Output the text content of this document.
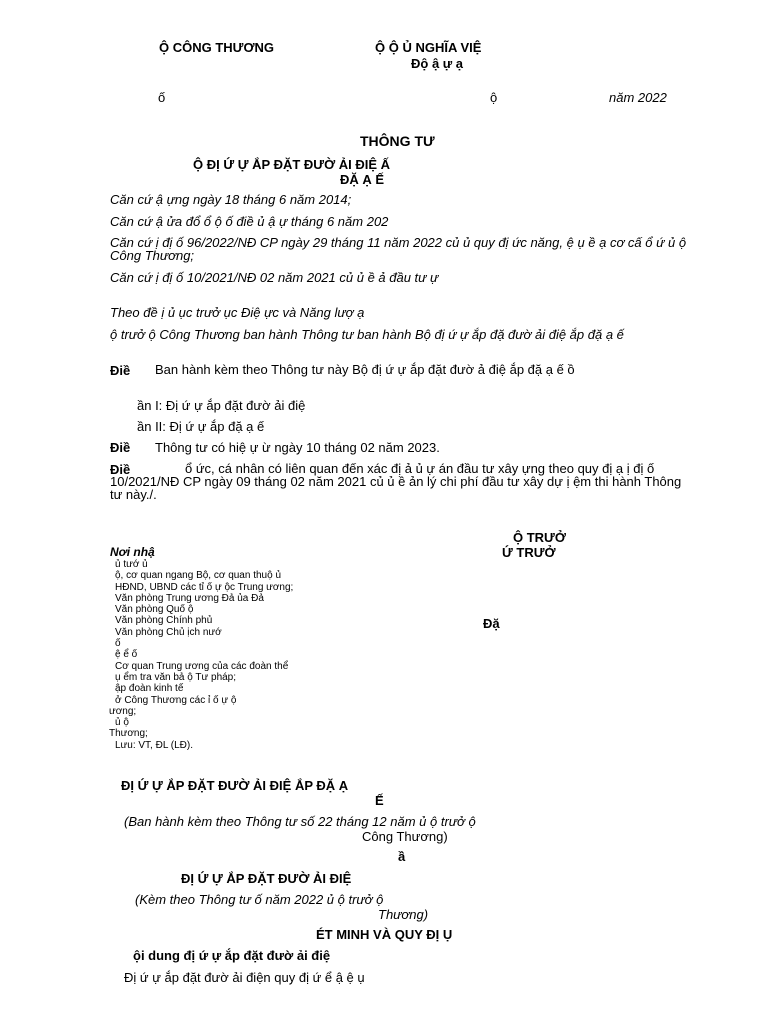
Ộ CÔNG THƯƠNG	Ộ Ộ Ủ NGHĨA VIỆ
Độ ậ ự ạ
ố	ộ	năm 2022
THÔNG TƯ
Ộ ĐỊ Ứ Ự ẮP ĐẶT ĐƯỜ ẢI ĐIỆ Ấ
ĐẶ Ạ Ế
Căn cứ ậ ựng ngày 18 tháng 6 năm 2014;
Căn cứ ậ ửa đổ ổ ộ ố điề ủ ậ ự tháng 6 năm 202
Căn cứ ị đị ố 96/2022/NĐ CP ngày 29 tháng 11 năm 2022 củ ủ quy đị ức năng, ệ ụ ề ạ cơ cấ ổ ứ ủ ộ Công Thương;
Căn cứ ị đị ố 10/2021/NĐ 02 năm 2021 củ ủ ề ả đầu tư ự
Theo đề ị ủ ục trưở ục Điệ ực và Năng lượ ạ
ộ trưở ộ Công Thương ban hành Thông tư ban hành Bộ đị ứ ự ắp đặ đườ ải điệ ắp đặ ạ ế
Điề	Ban hành kèm theo Thông tư này Bộ đị ứ ự ắp đặt đườ ả điệ ắp đặ ạ ế ồ
ần I: Đị ứ ự ắp đặt đườ ải điệ
ần II: Đị ứ ự ắp đặ ạ ế
Điề Thông tư có hiệ ự ừ ngày 10 tháng 02 năm 2023.
Điề	ổ ức, cá nhân có liên quan đến xác đị ả ủ ự án đầu tư xây ựng theo quy đị ạ ị đị ố 10/2021/NĐ CP ngày 09 tháng 02 năm 2021 củ ủ ề ản lý chi phí đầu tư xây dự ị ệm thi hành Thông tư này./.
Ộ TRƯỞ
Ứ TRƯỞ
Đặ
Nơi nhậ
ủ tướ ủ
ộ, cơ quan ngang Bộ, cơ quan thuộ ủ
HĐND, UBND các tỉ ố ự ộc Trung ương;
Văn phòng Trung ương Đả ủa Đả
Văn phòng Quố ộ
Văn phòng Chính phủ
Văn phòng Chủ ịch nướ
ố
ệ ể ố
Cơ quan Trung ương của các đoàn thể
ụ ểm tra văn bả ộ Tư pháp;
ập đoàn kinh tế
ở Công Thương các ỉ ố ự ộ
ương;
ủ ộ
Thương;
Lưu: VT, ĐL (LĐ).
ĐỊ Ứ Ự ẮP ĐẶT ĐƯỜ ẢI ĐIỆ ẮP ĐẶ Ạ
Ế
(Ban hành kèm theo Thông tư số 22 tháng 12 năm ủ ộ trưở ộ
Công Thương)
ầ
ĐỊ Ứ Ự ẮP ĐẶT ĐƯỜ ẢI ĐIỆ
(Kèm theo Thông tư ố năm 2022 ủ ộ trưở ộ
Thương)
ÉT MINH VÀ QUY ĐỊ Ụ
ội dung đị ứ ự ắp đặt đườ ải điệ
Đị ứ ự ắp đặt đườ ải điện quy đị ứ ể ậ ệ ụ
